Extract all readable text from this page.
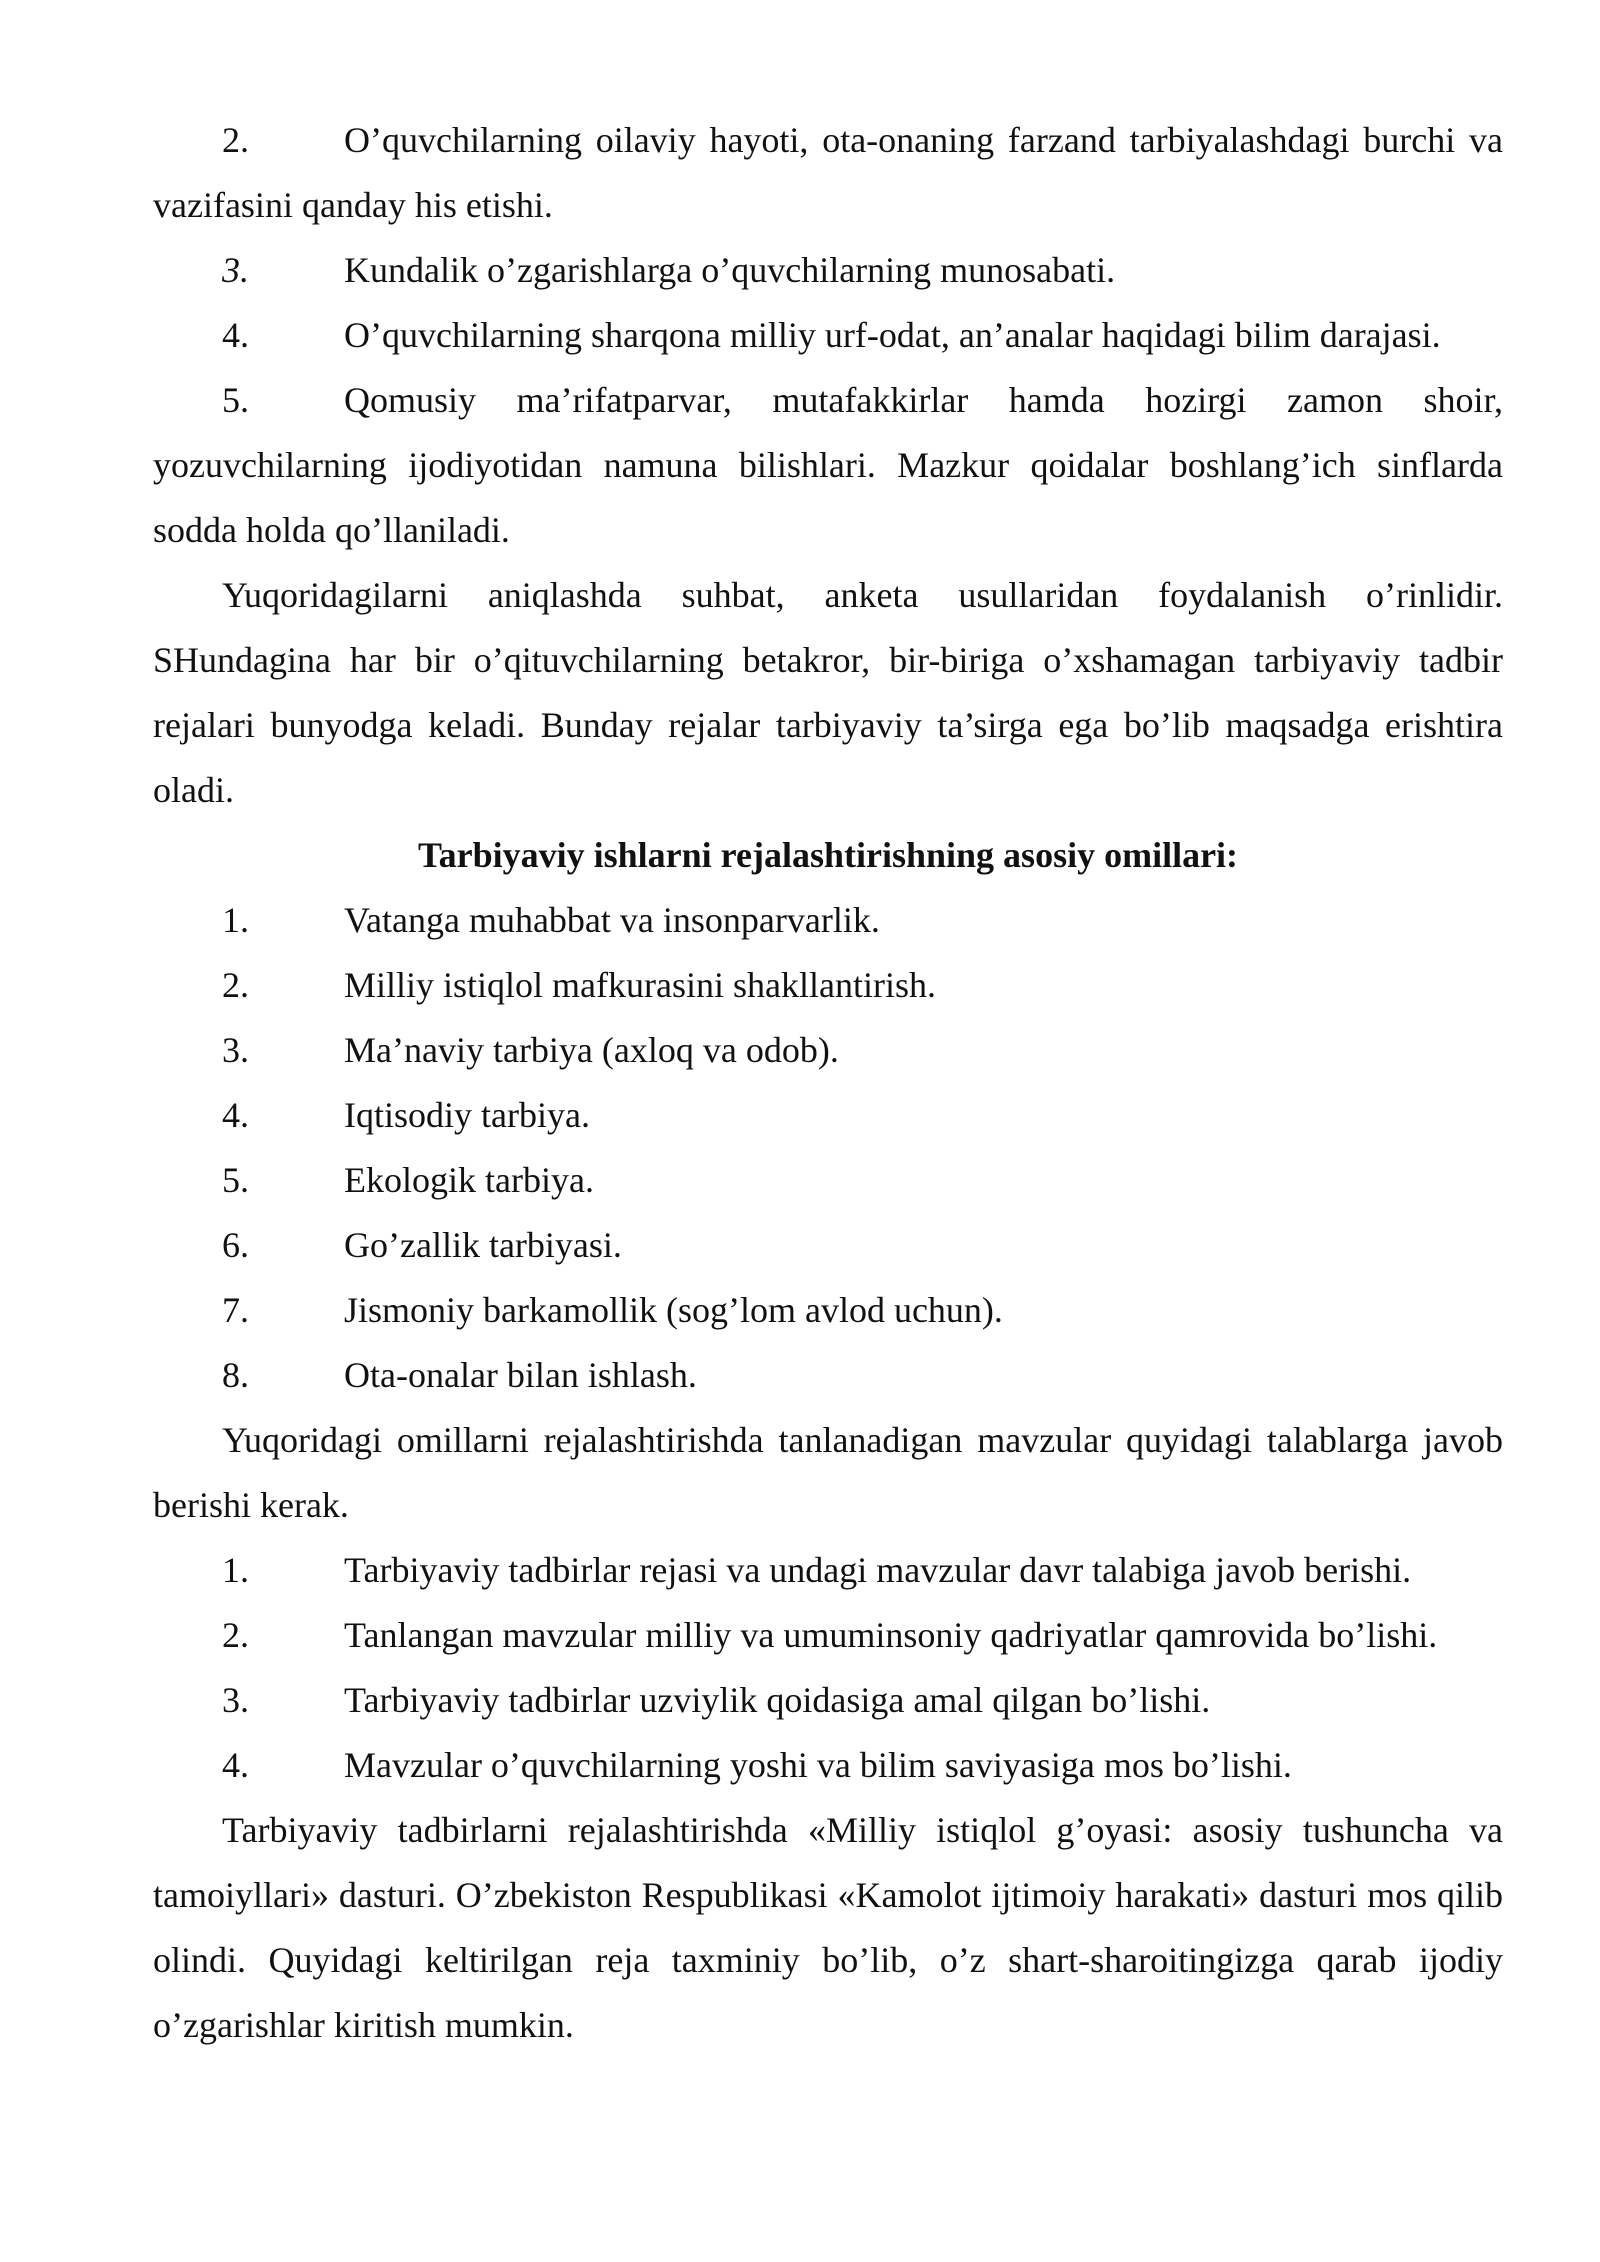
2.	O’quvchilarning oilaviy hayoti, ota-onaning farzand tarbiyalashdagi burchi va vazifasini qanday his etishi.
3.	Kundalik o’zgarishlarga o’quvchilarning munosabati.
4.	O’quvchilarning sharqona milliy urf-odat, an’analar haqidagi bilim darajasi.
5.	Qomusiy ma’rifatparvar, mutafakkirlar hamda hozirgi zamon shoir, yozuvchilarning ijodiyotidan namuna bilishlari. Mazkur qoidalar boshlang’ich sinflarda sodda holda qo’llaniladi.
Yuqoridagilarni aniqlashda suhbat, anketa usullaridan foydalanish o’rinlidir. SHundagina har bir o’qituvchilarning betakror, bir-biriga o’xshamagan tarbiyaviy tadbir rejalari bunyodga keladi. Bunday rejalar tarbiyaviy ta’sirga ega bo’lib maqsadga erishtira oladi.
Tarbiyaviy ishlarni rejalashtirishning asosiy omillari:
1.	Vatanga muhabbat va insonparvarlik.
2.	Milliy istiqlol mafkurasini shakllantirish.
3.	Ma’naviy tarbiya (axloq va odob).
4.	Iqtisodiy tarbiya.
5.	Ekologik tarbiya.
6.	Go’zallik tarbiyasi.
7.	Jismoniy barkamollik (sog’lom avlod uchun).
8.	Ota-onalar bilan ishlash.
Yuqoridagi omillarni rejalashtirishda tanlanadigan mavzular quyidagi talablarga javob berishi kerak.
1.	Tarbiyaviy tadbirlar rejasi va undagi mavzular davr talabiga javob berishi.
2.	Tanlangan mavzular milliy va umuminsoniy qadriyatlar qamrovida bo’lishi.
3.	Tarbiyaviy tadbirlar uzviylik qoidasiga amal qilgan bo’lishi.
4.	Mavzular o’quvchilarning yoshi va bilim saviyasiga mos bo’lishi.
Tarbiyaviy tadbirlarni rejalashtirishda «Milliy istiqlol g’oyasi: asosiy tushuncha va tamoiyllari» dasturi. O’zbekiston Respublikasi «Kamolot ijtimoiy harakati» dasturi mos qilib olindi. Quyidagi keltirilgan reja taxminiy bo’lib, o’z shart-sharoitingizga qarab ijodiy o’zgarishlar kiritish mumkin.
